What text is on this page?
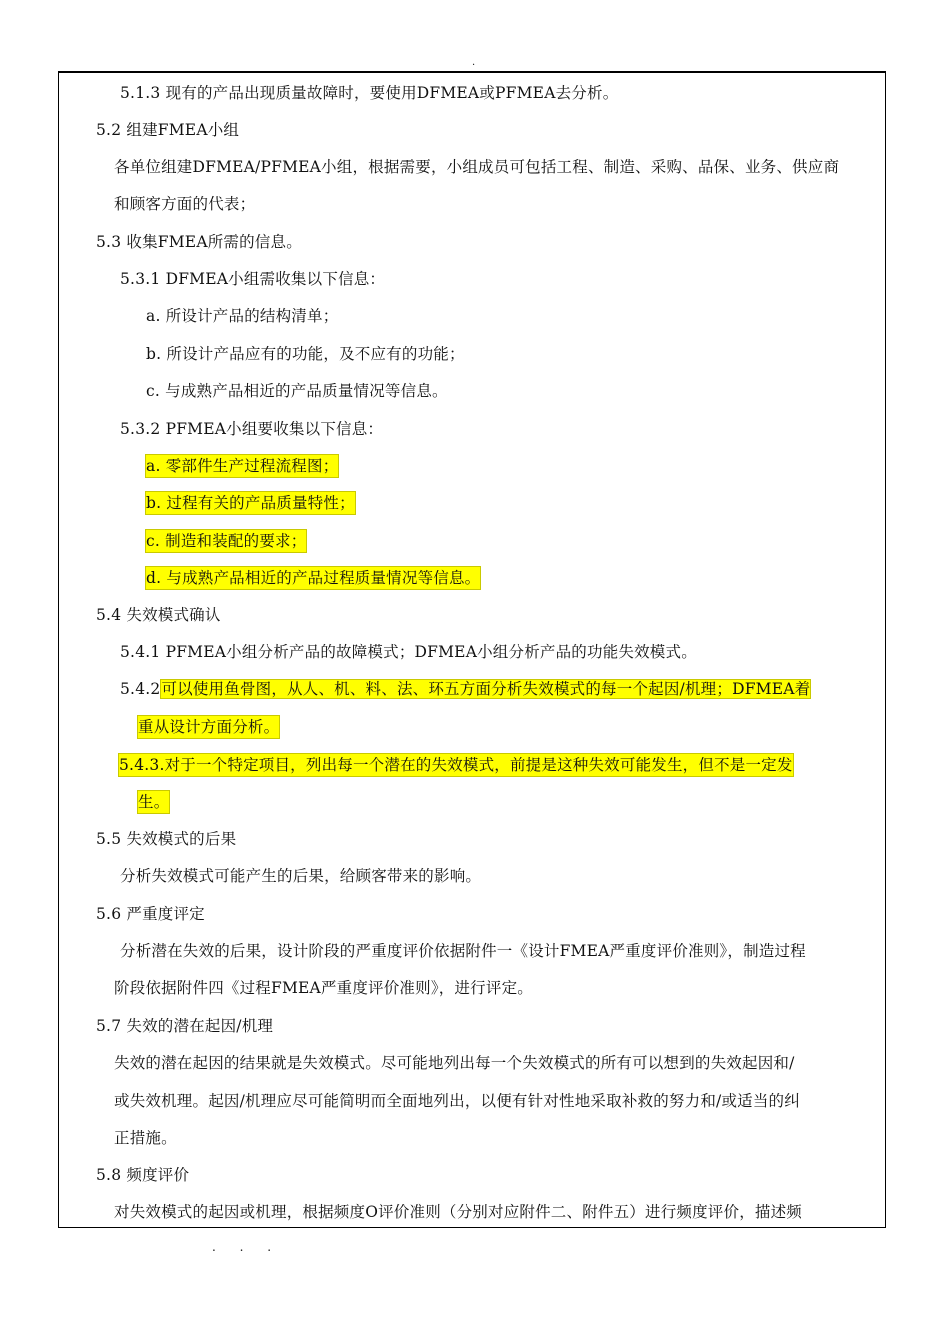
.
5.1.3 现有的产品出现质量故障时，要使用DFMEA或PFMEA去分析。
5.2 组建FMEA小组
各单位组建DFMEA/PFMEA小组，根据需要，小组成员可包括工程、制造、采购、品保、业务、供应商
和顾客方面的代表；
5.3 收集FMEA所需的信息。
5.3.1 DFMEA小组需收集以下信息：
a. 所设计产品的结构清单；
b. 所设计产品应有的功能，及不应有的功能；
c. 与成熟产品相近的产品质量情况等信息。
5.3.2 PFMEA小组要收集以下信息：
a. 零部件生产过程流程图；
b. 过程有关的产品质量特性；
c. 制造和装配的要求；
d. 与成熟产品相近的产品过程质量情况等信息。
5.4 失效模式确认
5.4.1 PFMEA小组分析产品的故障模式；DFMEA小组分析产品的功能失效模式。
5.4.2可以使用鱼骨图，从人、机、料、法、环五方面分析失效模式的每一个起因/机理；DFMEA着
重从设计方面分析。
5.4.3.对于一个特定项目，列出每一个潜在的失效模式，前提是这种失效可能发生，但不是一定发
生。
5.5 失效模式的后果
分析失效模式可能产生的后果，给顾客带来的影响。
5.6 严重度评定
分析潜在失效的后果，设计阶段的严重度评价依据附件一《设计FMEA严重度评价准则》，制造过程
阶段依据附件四《过程FMEA严重度评价准则》，进行评定。
5.7 失效的潜在起因/机理
失效的潜在起因的结果就是失效模式。尽可能地列出每一个失效模式的所有可以想到的失效起因和/
或失效机理。起因/机理应尽可能简明而全面地列出，以便有针对性地采取补救的努力和/或适当的纠
正措施。
5.8 频度评价
对失效模式的起因或机理，根据频度O评价准则（分别对应附件二、附件五）进行频度评价，描述频
. . .
